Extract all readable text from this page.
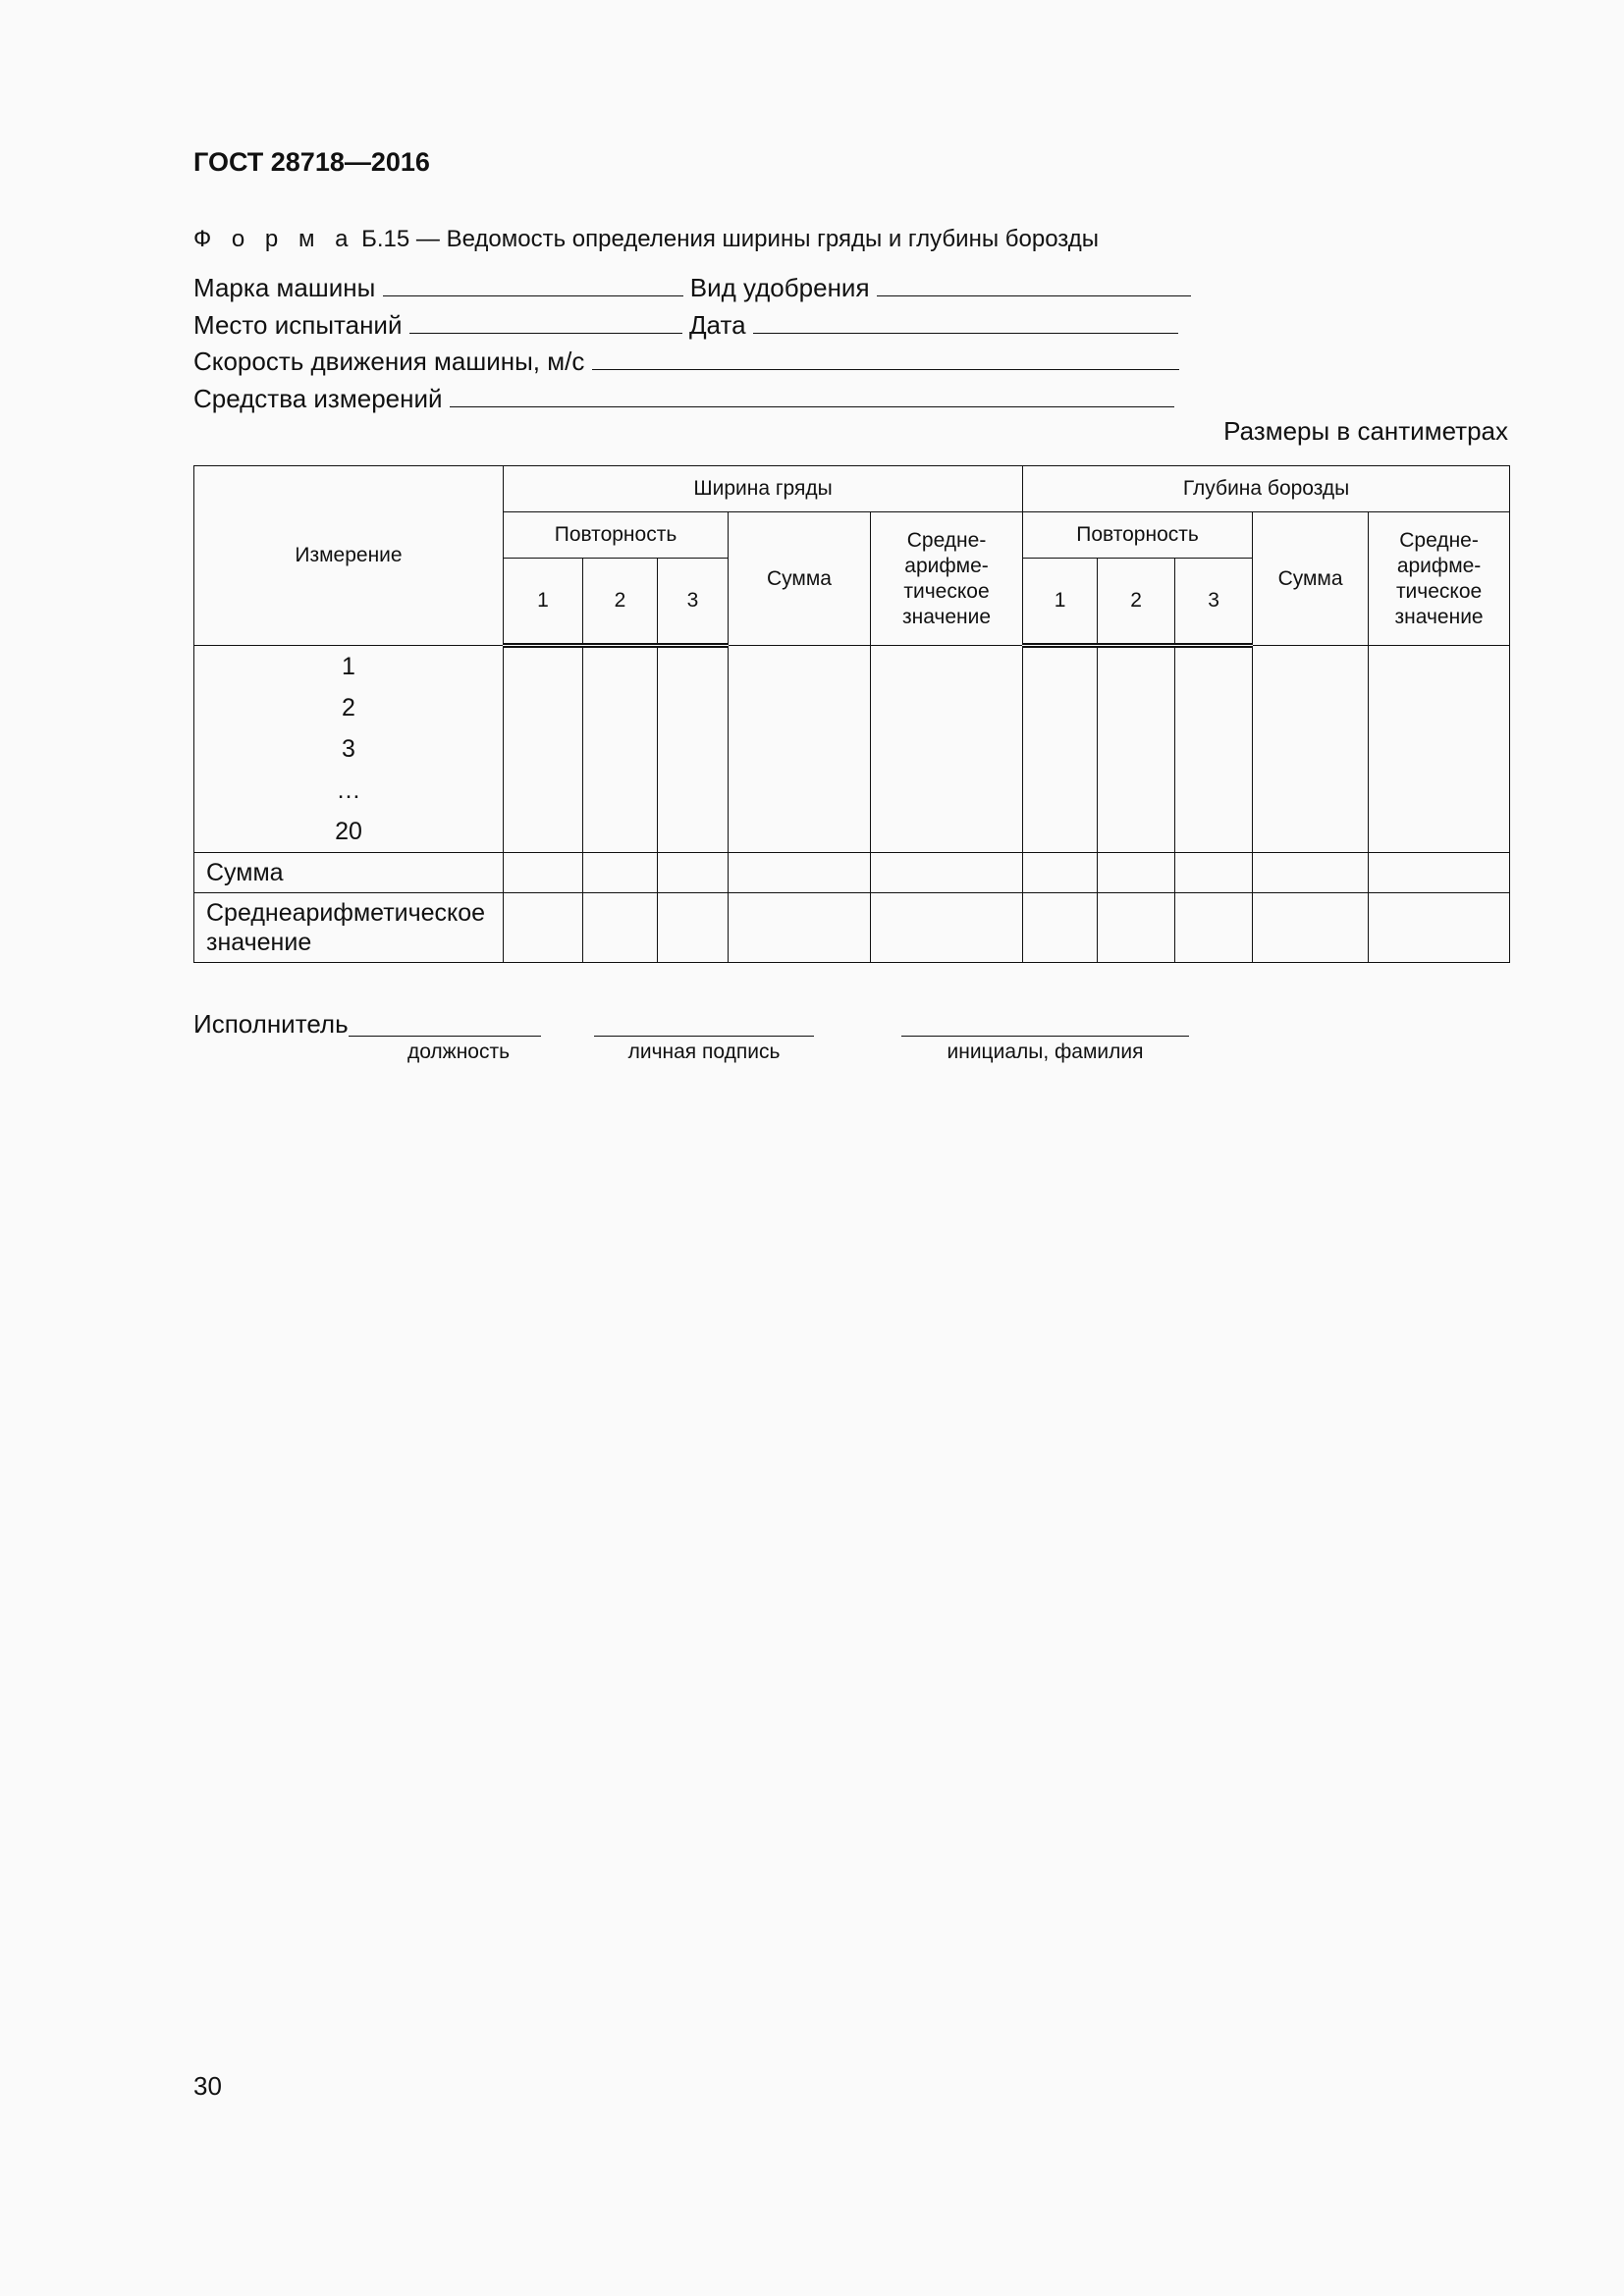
ГОСТ 28718—2016
Ф о р м а Б.15 — Ведомость определения ширины гряды и глубины борозды
Марка машины	Вид удобрения
Место испытаний	Дата
Скорость движения машины, м/с
Средства измерений
Размеры в сантиметрах
Измерение	Ширина гряды					Глубина борозды				
	Повторность			Сумма	Средне-арифме-тическое значение	Повторность			Сумма	Средне-арифме-тическое значение
	1	2	3			1	2	3		

1
2
3
…
20										

Сумма										
Среднеарифметическое значение										
Исполнитель
должность	личная подпись	инициалы, фамилия
30
